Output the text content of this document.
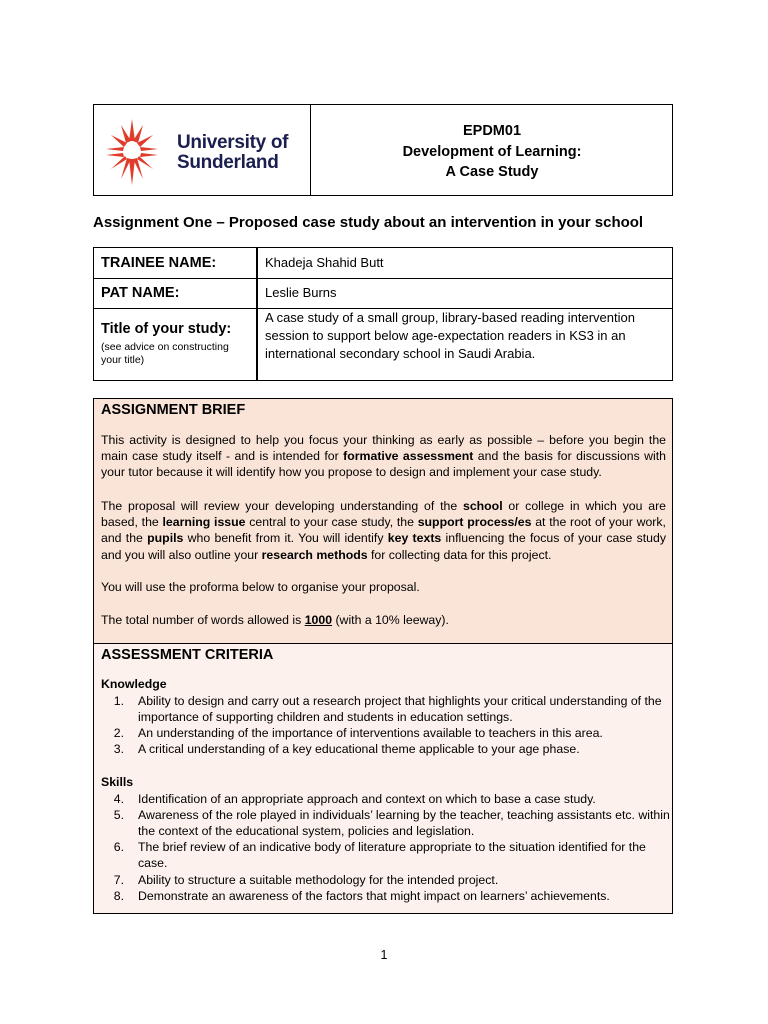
University of
Sunderland
EPDM01
Development of Learning:
A Case Study
Assignment One – Proposed case study about an intervention in your school
TRAINEE NAME:	Khadeja Shahid Butt
PAT NAME:	Leslie Burns
Title of your study:
(see advice on constructing your title)
A case study of a small group, library-based reading intervention session to support below age-expectation readers in KS3 in an international secondary school in Saudi Arabia.
ASSIGNMENT BRIEF
This activity is designed to help you focus your thinking as early as possible – before you begin the main case study itself - and is intended for formative assessment and the basis for discussions with your tutor because it will identify how you propose to design and implement your case study.
The proposal will review your developing understanding of the school or college in which you are based, the learning issue central to your case study, the support process/es at the root of your work, and the pupils who benefit from it. You will identify key texts influencing the focus of your case study and you will also outline your research methods for collecting data for this project.
You will use the proforma below to organise your proposal.
The total number of words allowed is 1000 (with a 10% leeway).
ASSESSMENT CRITERIA
Knowledge
1. Ability to design and carry out a research project that highlights your critical understanding of the importance of supporting children and students in education settings.
2. An understanding of the importance of interventions available to teachers in this area.
3. A critical understanding of a key educational theme applicable to your age phase.
Skills
4. Identification of an appropriate approach and context on which to base a case study.
5. Awareness of the role played in individuals’ learning by the teacher, teaching assistants etc. within the context of the educational system, policies and legislation.
6. The brief review of an indicative body of literature appropriate to the situation identified for the case.
7. Ability to structure a suitable methodology for the intended project.
8. Demonstrate an awareness of the factors that might impact on learners’ achievements.
1
